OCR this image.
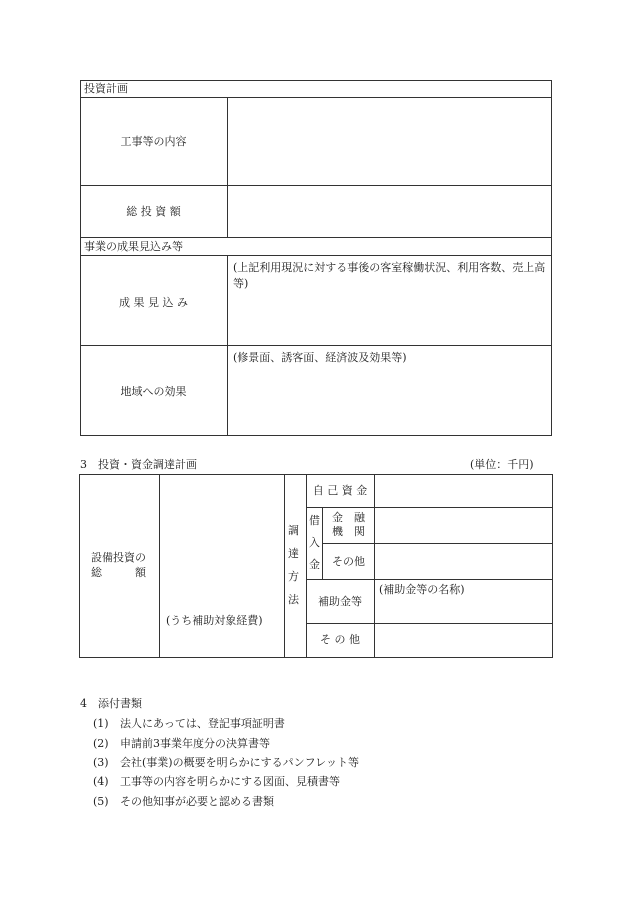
投資計画
工事等の内容
総 投 資 額
事業の成果見込み等
成 果 見 込 み
(上記利用現況に対する事後の客室稼働状況、利用客数、売上高等)
地域への効果
(修景面、誘客面、経済波及効果等)
3　投資・資金調達計画	(単位：千円)
設備投資の
総　　　額
(うち補助対象経費)
調
達
方
法
自 己 資 金
借
入
金
金　融
機　関
その他
補助金等
(補助金等の名称)
そ の 他
4　添付書類
(1) 法人にあっては、登記事項証明書
(2) 申請前3事業年度分の決算書等
(3) 会社(事業)の概要を明らかにするパンフレット等
(4) 工事等の内容を明らかにする図面、見積書等
(5) その他知事が必要と認める書類
